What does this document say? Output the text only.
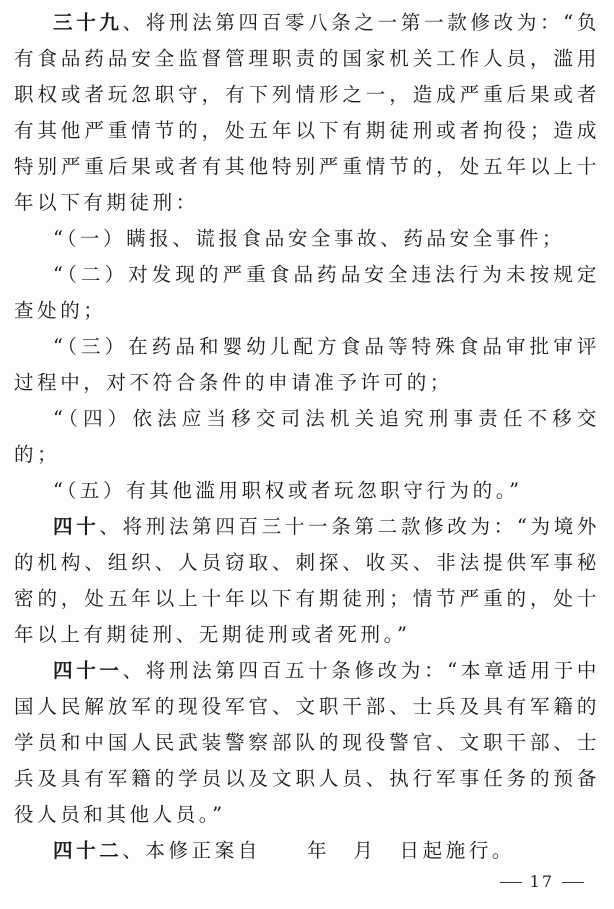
三十九、将刑法第四百零八条之一第一款修改为：“负有食品药品安全监督管理职责的国家机关工作人员，滥用职权或者玩忽职守，有下列情形之一，造成严重后果或者有其他严重情节的，处五年以下有期徒刑或者拘役；造成特别严重后果或者有其他特别严重情节的，处五年以上十年以下有期徒刑：

“（一）瞒报、谎报食品安全事故、药品安全事件；

“（二）对发现的严重食品药品安全违法行为未按规定查处的；

“（三）在药品和婴幼儿配方食品等特殊食品审批审评过程中，对不符合条件的申请准予许可的；

“（四）依法应当移交司法机关追究刑事责任不移交的；

“（五）有其他滥用职权或者玩忽职守行为的。”

四十、将刑法第四百三十一条第二款修改为：“为境外的机构、组织、人员窃取、刺探、收买、非法提供军事秘密的，处五年以上十年以下有期徒刑；情节严重的，处十年以上有期徒刑、无期徒刑或者死刑。”

四十一、将刑法第四百五十条修改为：“本章适用于中国人民解放军的现役军官、文职干部、士兵及具有军籍的学员和中国人民武装警察部队的现役警官、文职干部、士兵及具有军籍的学员以及文职人员、执行军事任务的预备役人员和其他人员。”

四十二、本修正案自　　年　月　日起施行。

17
